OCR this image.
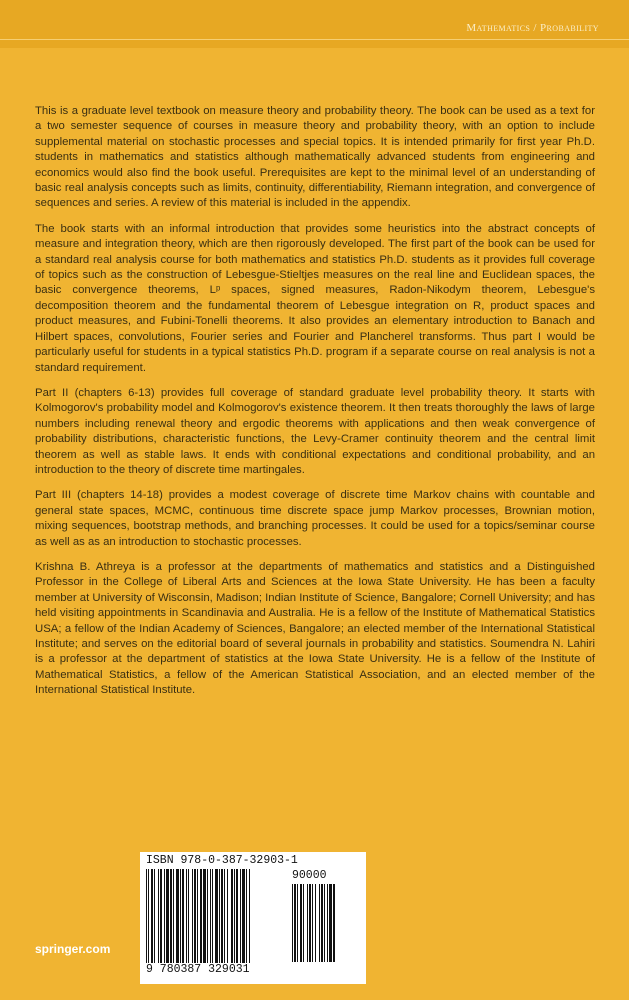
Mathematics / Probability

This is a graduate level textbook on measure theory and probability theory. The book can be used as a text for a two semester sequence of courses in measure theory and probability theory, with an option to include supplemental material on stochastic processes and special topics. It is intended primarily for first year Ph.D. students in mathematics and statistics although mathematically advanced students from engineering and economics would also find the book useful. Prerequisites are kept to the minimal level of an understanding of basic real analysis concepts such as limits, continuity, differentiability, Riemann integration, and convergence of sequences and series. A review of this material is included in the appendix.

The book starts with an informal introduction that provides some heuristics into the abstract concepts of measure and integration theory, which are then rigorously developed. The first part of the book can be used for a standard real analysis course for both mathematics and statistics Ph.D. students as it provides full coverage of topics such as the construction of Lebesgue-Stieltjes measures on the real line and Euclidean spaces, the basic convergence theorems, Lᵖ spaces, signed measures, Radon-Nikodym theorem, Lebesgue's decomposition theorem and the fundamental theorem of Lebesgue integration on R, product spaces and product measures, and Fubini-Tonelli theorems. It also provides an elementary introduction to Banach and Hilbert spaces, convolutions, Fourier series and Fourier and Plancherel transforms. Thus part I would be particularly useful for students in a typical statistics Ph.D. program if a separate course on real analysis is not a standard requirement.

Part II (chapters 6-13) provides full coverage of standard graduate level probability theory. It starts with Kolmogorov's probability model and Kolmogorov's existence theorem. It then treats thoroughly the laws of large numbers including renewal theory and ergodic theorems with applications and then weak convergence of probability distributions, characteristic functions, the Levy-Cramer continuity theorem and the central limit theorem as well as stable laws. It ends with conditional expectations and conditional probability, and an introduction to the theory of discrete time martingales.

Part III (chapters 14-18) provides a modest coverage of discrete time Markov chains with countable and general state spaces, MCMC, continuous time discrete space jump Markov processes, Brownian motion, mixing sequences, bootstrap methods, and branching processes. It could be used for a topics/seminar course as well as as an introduction to stochastic processes.

Krishna B. Athreya is a professor at the departments of mathematics and statistics and a Distinguished Professor in the College of Liberal Arts and Sciences at the Iowa State University. He has been a faculty member at University of Wisconsin, Madison; Indian Institute of Science, Bangalore; Cornell University; and has held visiting appointments in Scandinavia and Australia. He is a fellow of the Institute of Mathematical Statistics USA; a fellow of the Indian Academy of Sciences, Bangalore; an elected member of the International Statistical Institute; and serves on the editorial board of several journals in probability and statistics. Soumendra N. Lahiri is a professor at the department of statistics at the Iowa State University. He is a fellow of the Institute of Mathematical Statistics, a fellow of the American Statistical Association, and an elected member of the International Statistical Institute.

ISBN 978-0-387-32903-1
90000
9 780387 329031
springer.com
